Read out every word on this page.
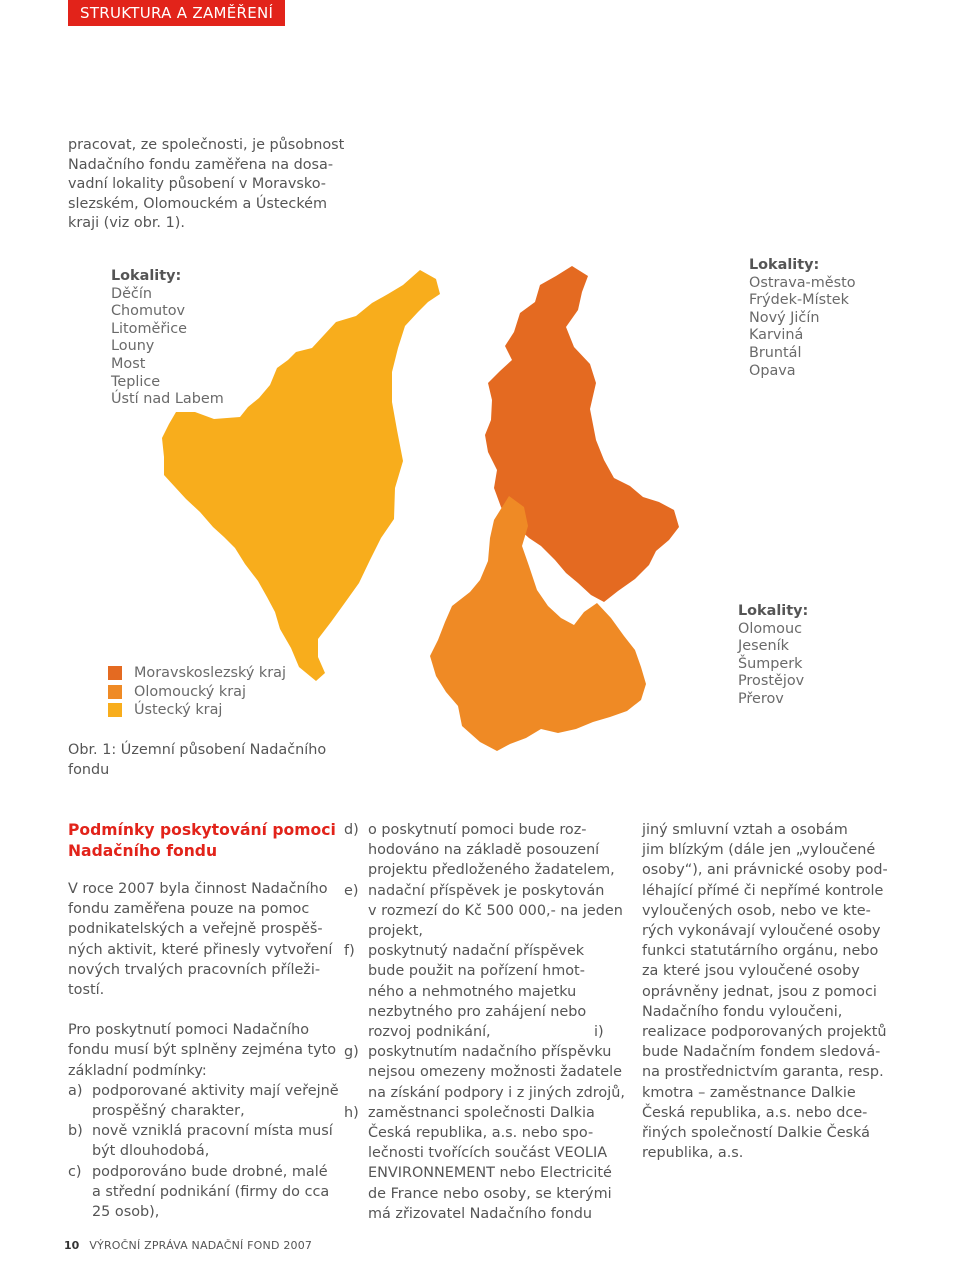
STRUKTURA A ZAMĚŘENÍ
pracovat, ze společnosti, je působnost
Nadačního fondu zaměřena na dosa-
vadní lokality působení v Moravsko-
slezském, Olomouckém a Ústeckém
kraji (viz obr. 1).
Lokality:
Děčín
Chomutov
Litoměřice
Louny
Most
Teplice
Ústí nad Labem
Lokality:
Ostrava-město
Frýdek-Místek
Nový Jičín
Karviná
Bruntál
Opava
Lokality:
Olomouc
Jeseník
Šumperk
Prostějov
Přerov
Moravskoslezský kraj
Olomoucký kraj
Ústecký kraj
Obr. 1: Územní působení Nadačního
fondu
Podmínky poskytování pomoci
Nadačního fondu
V roce 2007 byla činnost Nadačního
fondu zaměřena pouze na pomoc
podnikatelských a veřejně prospěš-
ných aktivit, které přinesly vytvoření
nových trvalých pracovních příleži-
tostí.
Pro poskytnutí pomoci Nadačního
fondu musí být splněny zejména tyto
základní podmínky:
a) podporované aktivity mají veřejně
prospěšný charakter,
b) nově vzniklá pracovní místa musí
být dlouhodobá,
c) podporováno bude drobné, malé
a střední podnikání (firmy do cca
25 osob),
d) o poskytnutí pomoci bude roz-
hodováno na základě posouzení
projektu předloženého žadatelem,
e) nadační příspěvek je poskytován
v rozmezí do Kč 500 000,- na jeden
projekt,
f) poskytnutý nadační příspěvek
bude použit na pořízení hmot-
ného a nehmotného majetku
nezbytného pro zahájení nebo
rozvoj podnikání,
g) poskytnutím nadačního příspěvku
nejsou omezeny možnosti žadatele
na získání podpory i z jiných zdrojů,
h) zaměstnanci společnosti Dalkia
Česká republika, a.s. nebo spo-
lečnosti tvořících součást VEOLIA
ENVIRONNEMENT nebo Electricité
de France nebo osoby, se kterými
má zřizovatel Nadačního fondu
jiný smluvní vztah a osobám
jim blízkým (dále jen „vyloučené
osoby“), ani právnické osoby pod-
léhající přímé či nepřímé kontrole
vyloučených osob, nebo ve kte-
rých vykonávají vyloučené osoby
funkci statutárního orgánu, nebo
za které jsou vyloučené osoby
oprávněny jednat, jsou z pomoci
Nadačního fondu vyloučeni,
i)	realizace podporovaných projektů
bude Nadačním fondem sledová-
na prostřednictvím garanta, resp.
kmotra – zaměstnance Dalkie
Česká republika, a.s. nebo dce-
řiných společností Dalkie Česká
republika, a.s.
10 VÝROČNÍ ZPRÁVA NADAČNÍ FOND 2007
